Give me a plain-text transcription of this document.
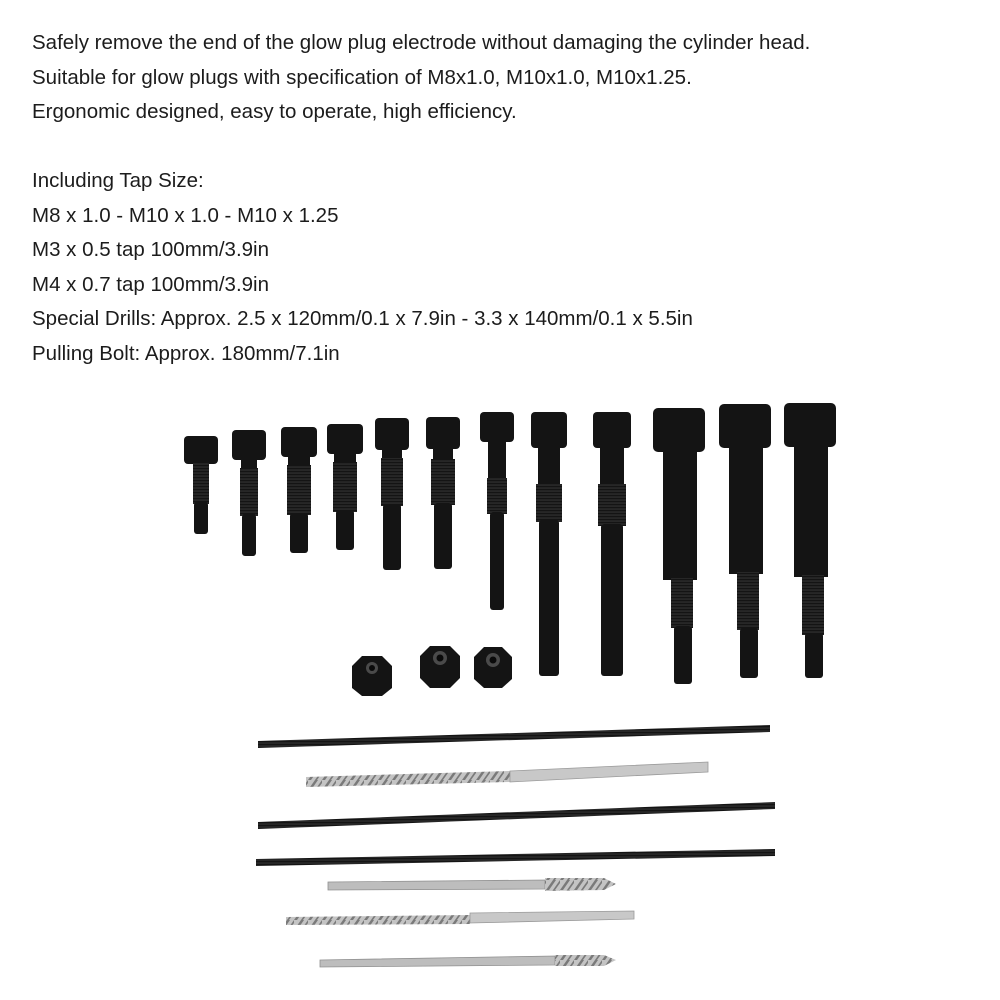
Safely remove the end of the glow plug electrode without damaging the cylinder head.
Suitable for glow plugs with specification of M8x1.0, M10x1.0, M10x1.25.
Ergonomic designed, easy to operate, high efficiency.
Including Tap Size:
M8 x 1.0 - M10 x 1.0 - M10 x 1.25
M3 x 0.5 tap 100mm/3.9in
M4 x 0.7 tap 100mm/3.9in
Special Drills: Approx. 2.5 x 120mm/0.1 x 7.9in - 3.3 x 140mm/0.1 x 5.5in
Pulling Bolt: Approx. 180mm/7.1in
